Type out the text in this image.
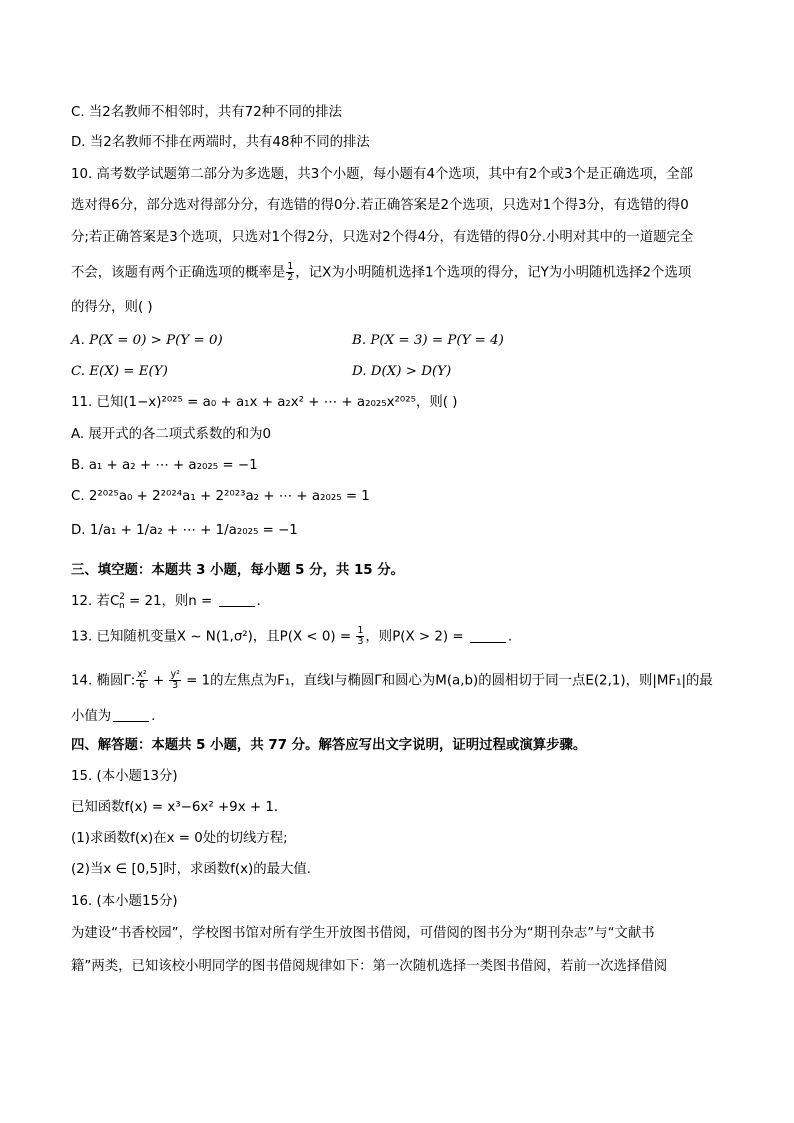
C. 当2名教师不相邻时，共有72种不同的排法
D. 当2名教师不排在两端时，共有48种不同的排法
10. 高考数学试题第二部分为多选题，共3个小题，每小题有4个选项，其中有2个或3个是正确选项，全部
选对得6分，部分选对得部分分，有选错的得0分.若正确答案是2个选项，只选对1个得3分，有选错的得0
分;若正确答案是3个选项，只选对1个得2分，只选对2个得4分，有选错的得0分.小明对其中的一道题完全
不会，该题有两个正确选项的概率是 $\frac{1}{2}$ ，记X为小明随机选择1个选项的得分，记Y为小明随机选择2个选项
的得分，则( )
A. P(X = 0) > P(Y = 0)	B. P(X = 3) = P(Y = 4)
C. E(X) = E(Y)	D. D(X) > D(Y)
11. 已知(1−x)²⁰²⁵ = a₀ + a₁x + a₂x² + ⋯ + a₂₀₂₅x²⁰²⁵，则( )
A. 展开式的各二项式系数的和为0
B. a₁ + a₂ + ⋯ + a₂₀₂₅ = −1
C. 2²⁰²⁵a₀ + 2²⁰²⁴a₁ + 2²⁰²³a₂ + ⋯ + a₂₀₂₅ = 1
D. 1/a₁ + 1/a₂ + ⋯ + 1/a₂₀₂₅ = −1
三、填空题：本题共 3 小题，每小题 5 分，共 15 分。
12. 若$C^2_n = 21$，则n =	.
13. 已知随机变量X ~ N(1,σ²)，且$P(X < 0) = \frac{1}{3}$ ，则P(X > 2) =	.
14. 椭圆Γ: $\frac{\text{x²}}{6} + \frac{\text{y²}}{3} = 1$的左焦点为F₁，直线l与椭圆Γ和圆心为M(a,b)的圆相切于同一点E(2,1)，则|MF₁|的最
小值为	.
四、解答题：本题共 5 小题，共 77 分。解答应写出文字说明，证明过程或演算步骤。
15. (本小题13分)
已知函数f(x) = x³−6x² +9x + 1.
(1)求函数f(x)在x = 0处的切线方程;
(2)当x ∈ [0,5]时，求函数f(x)的最大值.
16. (本小题15分)
为建设“书香校园”，学校图书馆对所有学生开放图书借阅，可借阅的图书分为“期刊杂志”与“文献书
籍”两类，已知该校小明同学的图书借阅规律如下：第一次随机选择一类图书借阅，若前一次选择借阅
